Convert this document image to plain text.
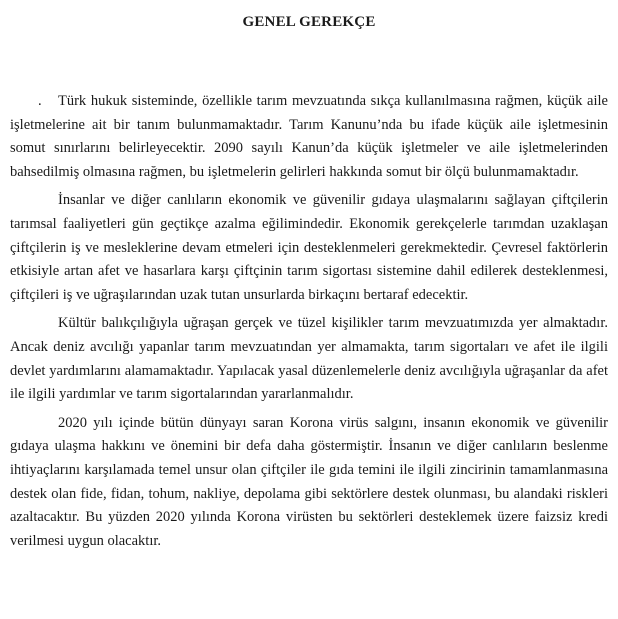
GENEL GEREKÇE

. Türk hukuk sisteminde, özellikle tarım mevzuatında sıkça kullanılmasına rağmen, küçük aile işletmelerine ait bir tanım bulunmamaktadır. Tarım Kanunu’nda bu ifade küçük aile işletmesinin somut sınırlarını belirleyecektir. 2090 sayılı Kanun’da küçük işletmeler ve aile işletmelerinden bahsedilmiş olmasına rağmen, bu işletmelerin gelirleri hakkında somut bir ölçü bulunmamaktadır.

İnsanlar ve diğer canlıların ekonomik ve güvenilir gıdaya ulaşmalarını sağlayan çiftçilerin tarımsal faaliyetleri gün geçtikçe azalma eğilimindedir. Ekonomik gerekçelerle tarımdan uzaklaşan çiftçilerin iş ve mesleklerine devam etmeleri için desteklenmeleri gerekmektedir. Çevresel faktörlerin etkisiyle artan afet ve hasarlara karşı çiftçinin tarım sigortası sistemine dahil edilerek desteklenmesi, çiftçileri iş ve uğraşılarından uzak tutan unsurlarda birkaçını bertaraf edecektir.

Kültür balıkçılığıyla uğraşan gerçek ve tüzel kişilikler tarım mevzuatımızda yer almaktadır. Ancak deniz avcılığı yapanlar tarım mevzuatından yer almamakta, tarım sigortaları ve afet ile ilgili devlet yardımlarını alamamaktadır. Yapılacak yasal düzenlemelerle deniz avcılığıyla uğraşanlar da afet ile ilgili yardımlar ve tarım sigortalarından yararlanmalıdır.

2020 yılı içinde bütün dünyayı saran Korona virüs salgını, insanın ekonomik ve güvenilir gıdaya ulaşma hakkını ve önemini bir defa daha göstermiştir. İnsanın ve diğer canlıların beslenme ihtiyaçlarını karşılamada temel unsur olan çiftçiler ile gıda temini ile ilgili zincirinin tamamlanmasına destek olan fide, fidan, tohum, nakliye, depolama gibi sektörlere destek olunması, bu alandaki riskleri azaltacaktır. Bu yüzden 2020 yılında Korona virüsten bu sektörleri desteklemek üzere faizsiz kredi verilmesi uygun olacaktır.
